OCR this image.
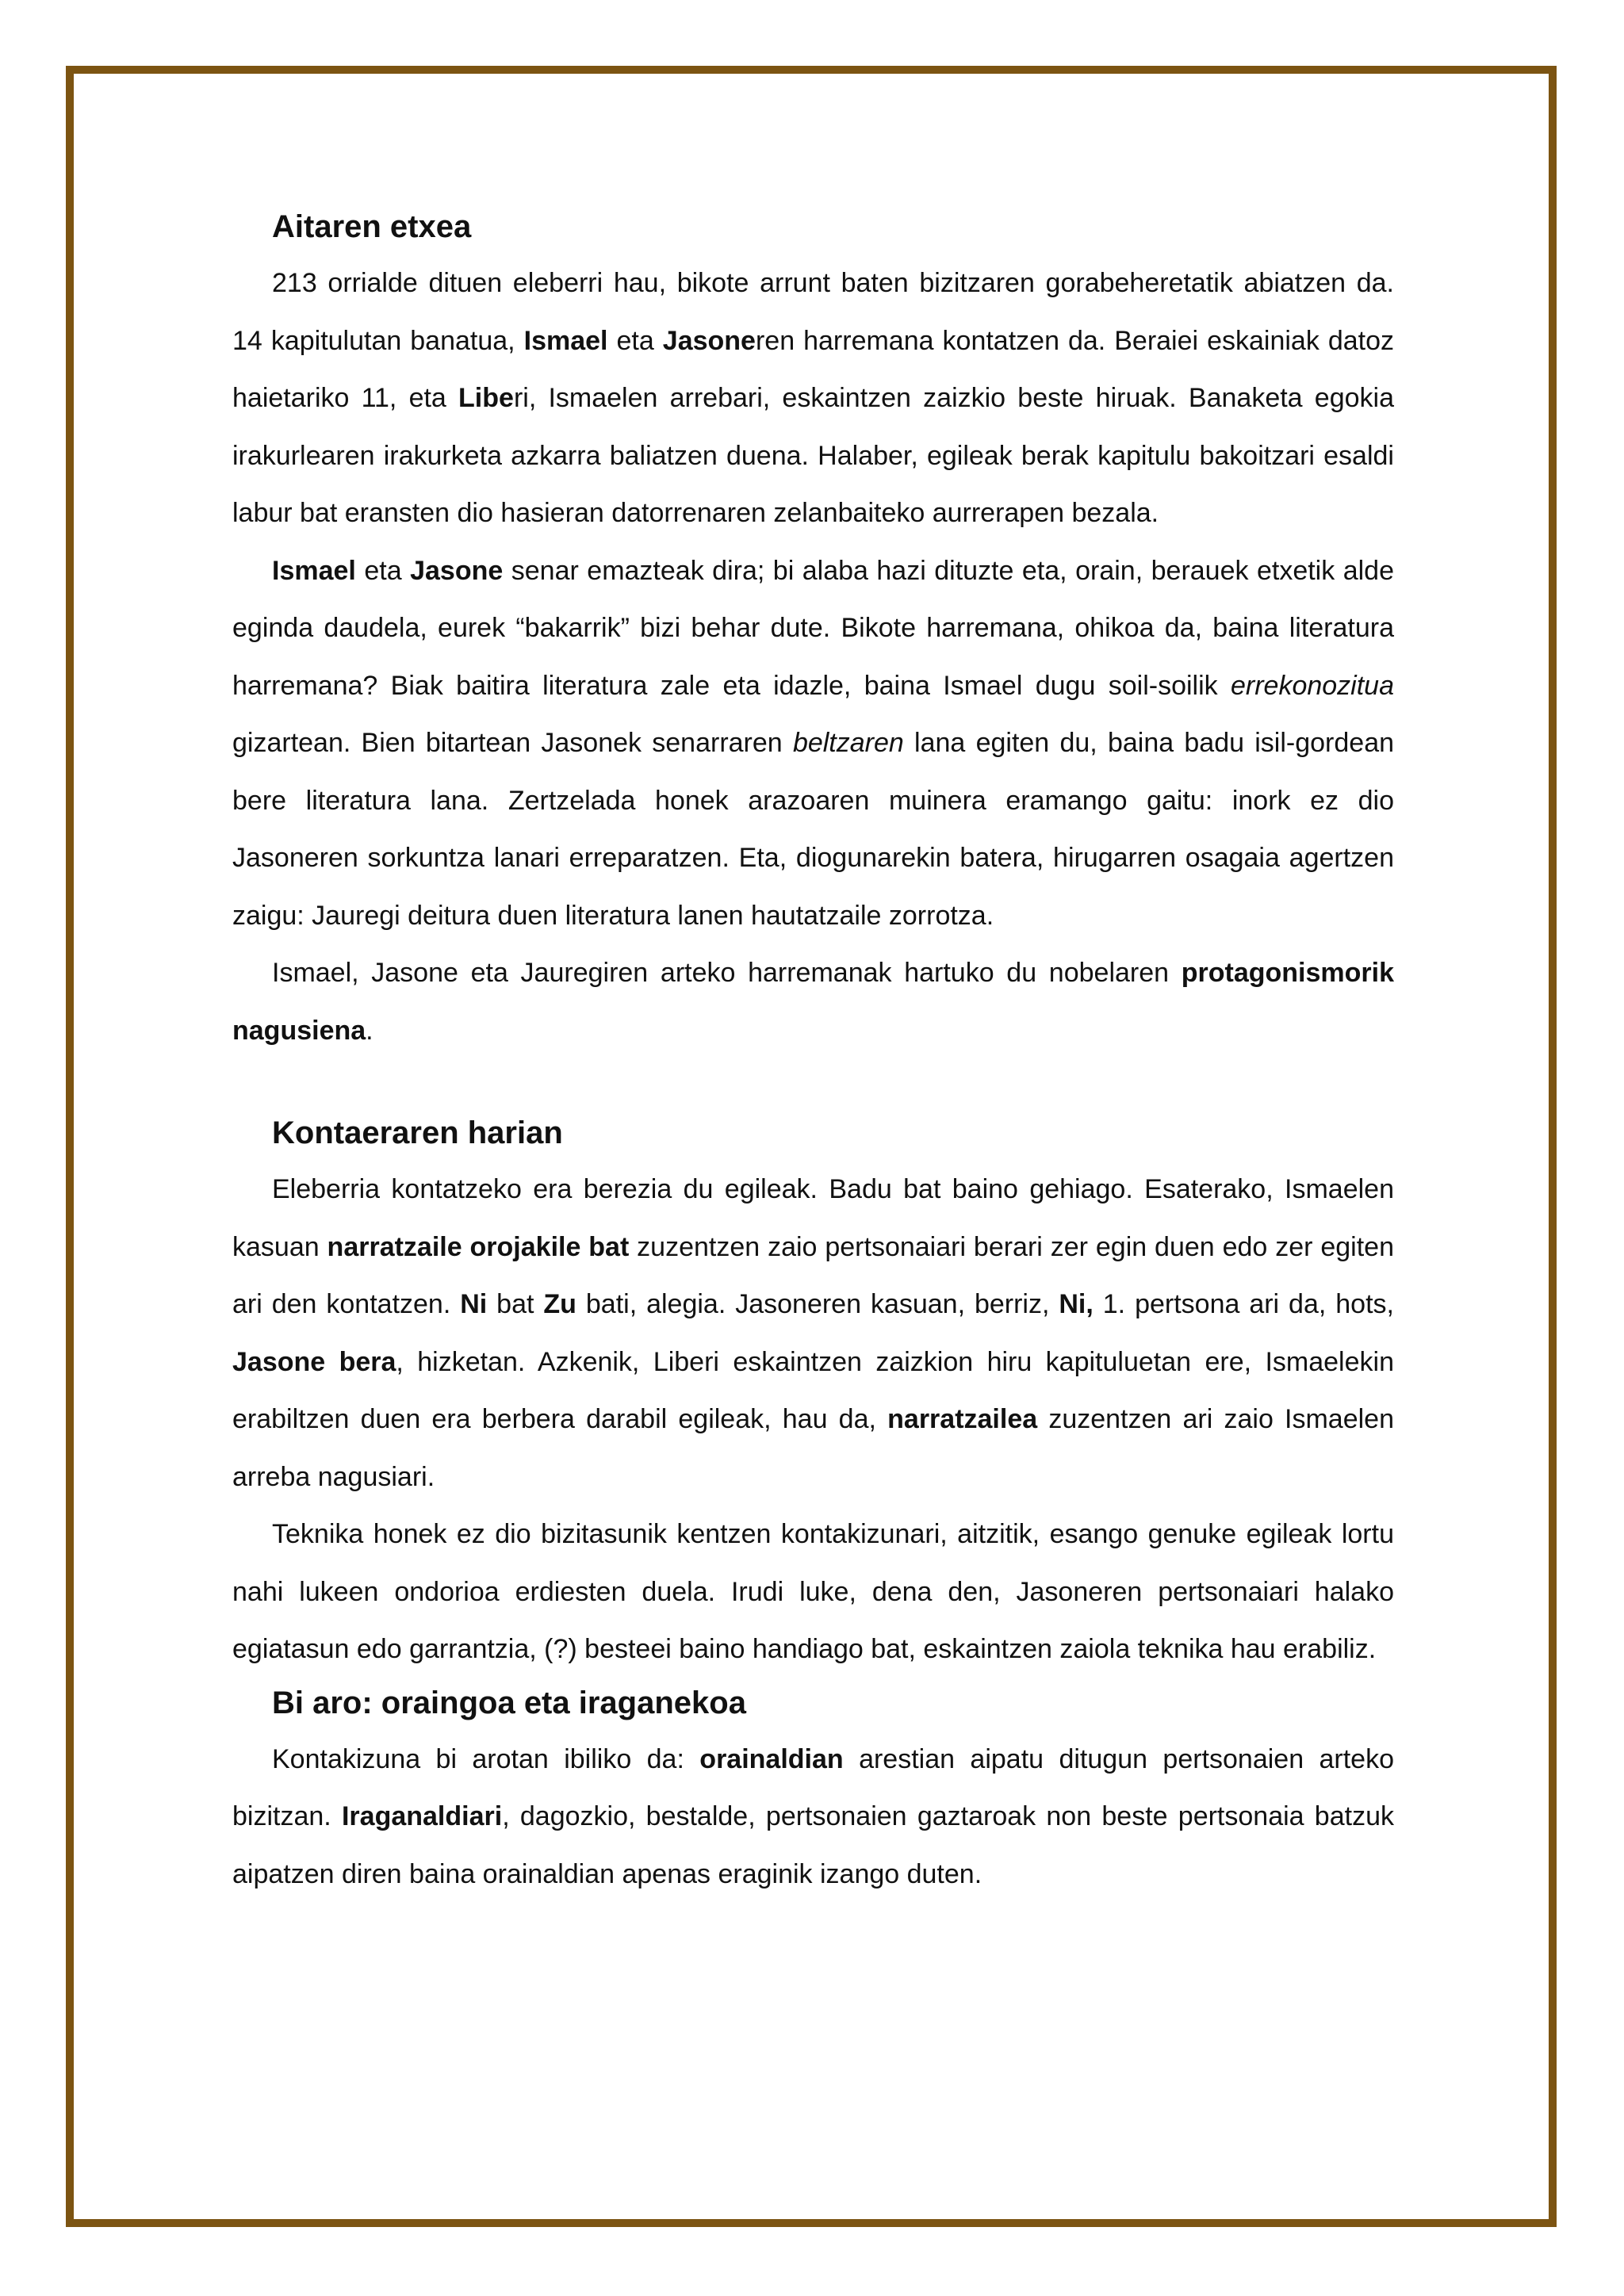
Aitaren etxea

213 orrialde dituen eleberri hau, bikote arrunt baten bizitzaren gorabeheretatik abiatzen da. 14 kapitulutan banatua, Ismael eta Jasoneren harremana kontatzen da. Beraiei eskainiak datoz haietariko 11, eta Liberi, Ismaelen arrebari, eskaintzen zaizkio beste hiruak. Banaketa egokia irakurlearen irakurketa azkarra baliatzen duena. Halaber, egileak berak kapitulu bakoitzari esaldi labur bat eransten dio hasieran datorrenaren zelanbaiteko aurrerapen bezala.

Ismael eta Jasone senar emazteak dira; bi alaba hazi dituzte eta, orain, berauek etxetik alde eginda daudela, eurek “bakarrik” bizi behar dute. Bikote harremana, ohikoa da, baina literatura harremana? Biak baitira literatura zale eta idazle, baina Ismael dugu soil-soilik errekonozitua gizartean. Bien bitartean Jasonek senarraren beltzaren lana egiten du, baina badu isil-gordean bere literatura lana. Zertzelada honek arazoaren muinera eramango gaitu: inork ez dio Jasoneren sorkuntza lanari erreparatzen. Eta, diogunarekin batera, hirugarren osagaia agertzen zaigu: Jauregi deitura duen literatura lanen hautatzaile zorrotza.

Ismael, Jasone eta Jauregiren arteko harremanak hartuko du nobelaren protagonismorik nagusiena.

Kontaeraren harian

Eleberria kontatzeko era berezia du egileak. Badu bat baino gehiago. Esaterako, Ismaelen kasuan narratzaile orojakile bat zuzentzen zaio pertsonaiari berari zer egin duen edo zer egiten ari den kontatzen. Ni bat Zu bati, alegia. Jasoneren kasuan, berriz, Ni, 1. pertsona ari da, hots, Jasone bera, hizketan. Azkenik, Liberi eskaintzen zaizkion hiru kapituluetan ere, Ismaelekin erabiltzen duen era berbera darabil egileak, hau da, narratzailea zuzentzen ari zaio Ismaelen arreba nagusiari.

Teknika honek ez dio bizitasunik kentzen kontakizunari, aitzitik, esango genuke egileak lortu nahi lukeen ondorioa erdiesten duela. Irudi luke, dena den, Jasoneren pertsonaiari halako egiatasun edo garrantzia, (?) besteei baino handiago bat, eskaintzen zaiola teknika hau erabiliz.

Bi aro: oraingoa eta iraganekoa

Kontakizuna bi arotan ibiliko da: orainaldian arestian aipatu ditugun pertsonaien arteko bizitzan. Iraganaldiari, dagozkio, bestalde, pertsonaien gaztaroak non beste pertsonaia batzuk aipatzen diren baina orainaldian apenas eraginik izango duten.
